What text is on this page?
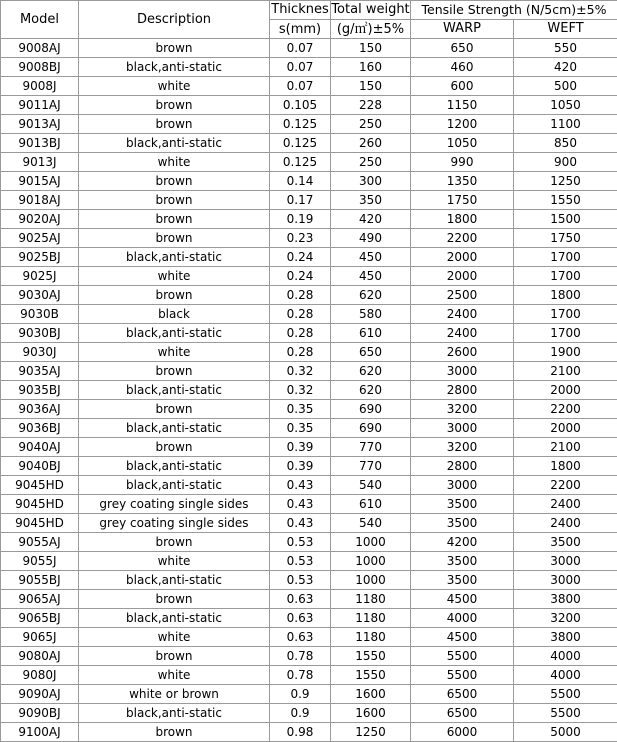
Model	Description	Thicknes	Total weight	Tensile Strength (N/5cm)±5%	
		s(mm)	(g/㎡)±5%	WARP	WEFT
9008AJ	brown	0.07	150	650	550
9008BJ	black,anti-static	0.07	160	460	420
9008J	white	0.07	150	600	500
9011AJ	brown	0.105	228	1150	1050
9013AJ	brown	0.125	250	1200	1100
9013BJ	black,anti-static	0.125	260	1050	850
9013J	white	0.125	250	990	900
9015AJ	brown	0.14	300	1350	1250
9018AJ	brown	0.17	350	1750	1550
9020AJ	brown	0.19	420	1800	1500
9025AJ	brown	0.23	490	2200	1750
9025BJ	black,anti-static	0.24	450	2000	1700
9025J	white	0.24	450	2000	1700
9030AJ	brown	0.28	620	2500	1800
9030B	black	0.28	580	2400	1700
9030BJ	black,anti-static	0.28	610	2400	1700
9030J	white	0.28	650	2600	1900
9035AJ	brown	0.32	620	3000	2100
9035BJ	black,anti-static	0.32	620	2800	2000
9036AJ	brown	0.35	690	3200	2200
9036BJ	black,anti-static	0.35	690	3000	2000
9040AJ	brown	0.39	770	3200	2100
9040BJ	black,anti-static	0.39	770	2800	1800
9045HD	black,anti-static	0.43	540	3000	2200
9045HD	grey coating single sides	0.43	610	3500	2400
9045HD	grey coating single sides	0.43	540	3500	2400
9055AJ	brown	0.53	1000	4200	3500
9055J	white	0.53	1000	3500	3000
9055BJ	black,anti-static	0.53	1000	3500	3000
9065AJ	brown	0.63	1180	4500	3800
9065BJ	black,anti-static	0.63	1180	4000	3200
9065J	white	0.63	1180	4500	3800
9080AJ	brown	0.78	1550	5500	4000
9080J	white	0.78	1550	5500	4000
9090AJ	white or brown	0.9	1600	6500	5500
9090BJ	black,anti-static	0.9	1600	6500	5500
9100AJ	brown	0.98	1250	6000	5000
